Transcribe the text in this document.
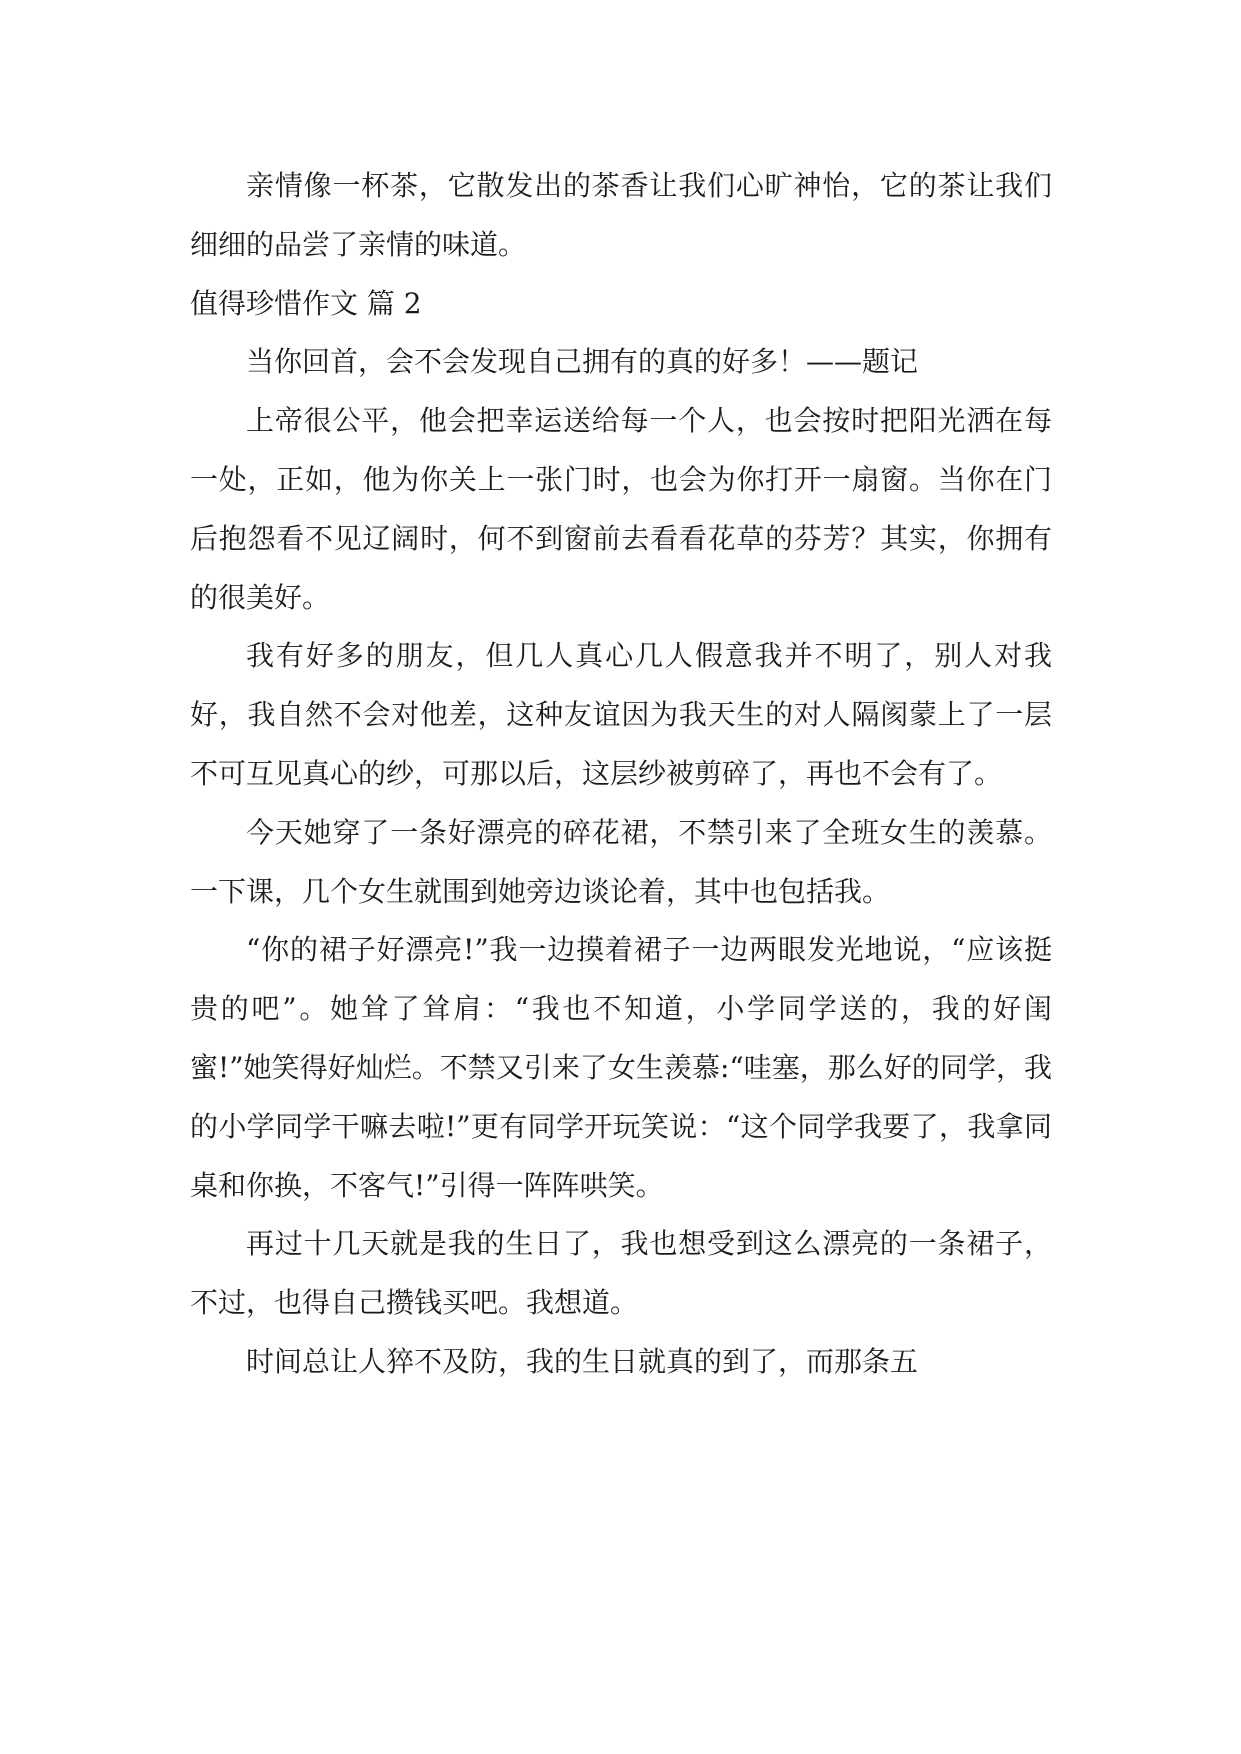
亲情像一杯茶，它散发出的茶香让我们心旷神怡，它的茶让我们细细的品尝了亲情的味道。

值得珍惜作文 篇 2

当你回首，会不会发现自己拥有的真的好多！——题记

上帝很公平，他会把幸运送给每一个人，也会按时把阳光洒在每一处，正如，他为你关上一张门时，也会为你打开一扇窗。当你在门后抱怨看不见辽阔时，何不到窗前去看看花草的芬芳？其实，你拥有的很美好。

我有好多的朋友，但几人真心几人假意我并不明了，别人对我好，我自然不会对他差，这种友谊因为我天生的对人隔阂蒙上了一层不可互见真心的纱，可那以后，这层纱被剪碎了，再也不会有了。

今天她穿了一条好漂亮的碎花裙，不禁引来了全班女生的羡慕。一下课，几个女生就围到她旁边谈论着，其中也包括我。

“你的裙子好漂亮!”我一边摸着裙子一边两眼发光地说，“应该挺贵的吧”。她耸了耸肩：“我也不知道，小学同学送的，我的好闺蜜!”她笑得好灿烂。不禁又引来了女生羡慕:“哇塞，那么好的同学，我的小学同学干嘛去啦!”更有同学开玩笑说：“这个同学我要了，我拿同桌和你换，不客气!”引得一阵阵哄笑。

再过十几天就是我的生日了，我也想受到这么漂亮的一条裙子，不过，也得自己攒钱买吧。我想道。

时间总让人猝不及防，我的生日就真的到了，而那条五
